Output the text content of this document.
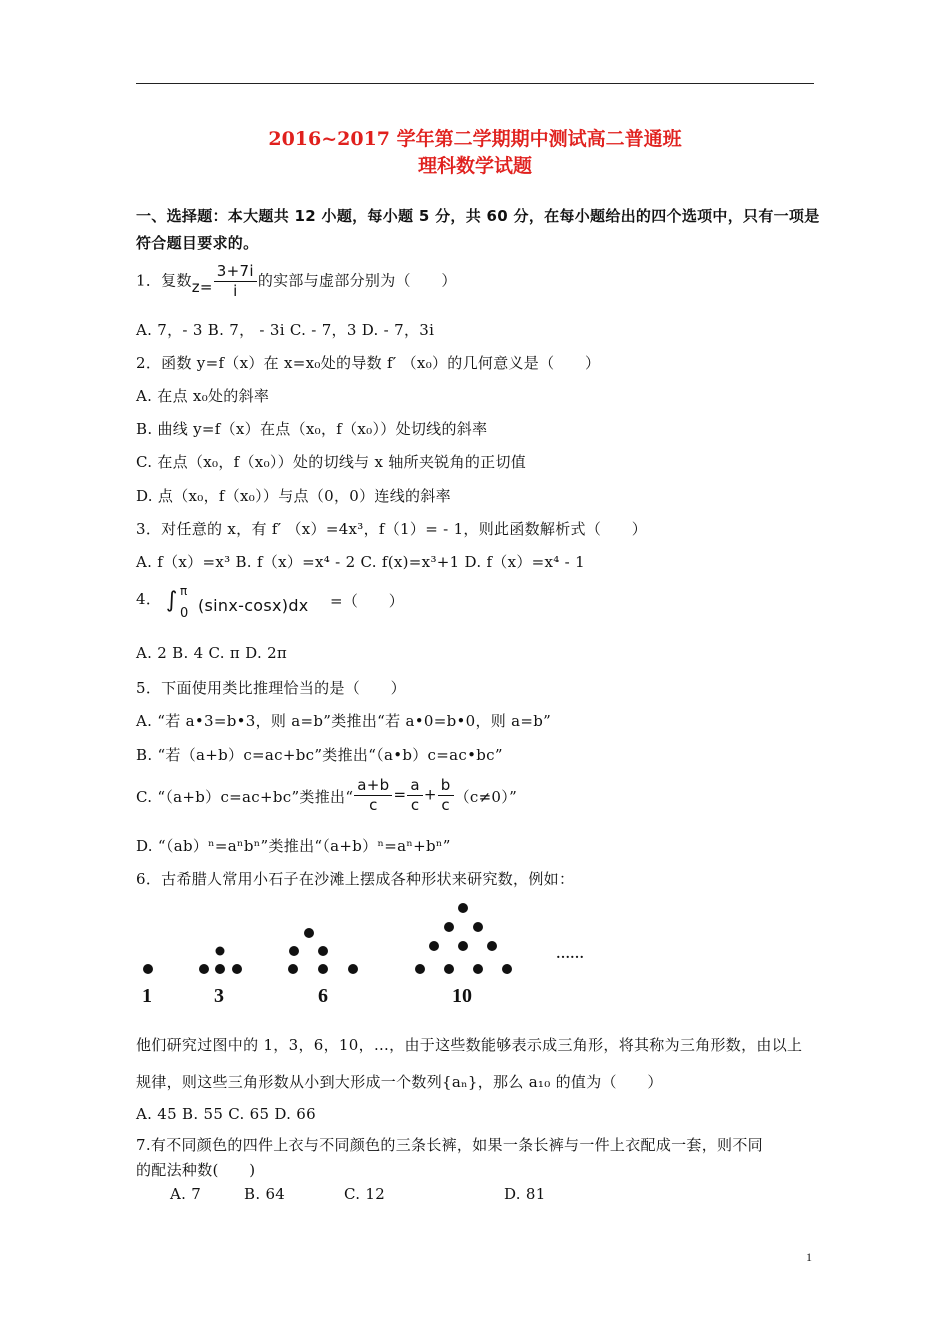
2016~2017 学年第二学期期中测试高二普通班
理科数学试题
一、选择题：本大题共 12 小题，每小题 5 分，共 60 分，在每小题给出的四个选项中，只有一项是
符合题目要求的。
1．复数$z= \frac{3+7i}{i}$ 的实部与虚部分别为（　　）
A. 7，- 3 B. 7， - 3i C. - 7，3 D. - 7，3i
2．函数 y=f（x）在 x=x₀处的导数 f′ （x₀）的几何意义是（　　）
A. 在点 x₀处的斜率
B. 曲线 y=f（x）在点（x₀，f（x₀））处切线的斜率
C. 在点（x₀，f（x₀））处的切线与 x 轴所夹锐角的正切值
D. 点（x₀，f（x₀））与点（0，0）连线的斜率
3．对任意的 x，有 f′ （x）=4x³，f（1）= - 1，则此函数解析式（　　）
A. f（x）=x³ B. f（x）=x⁴ - 2 C. f(x)=x³+1 D. f（x）=x⁴ - 1
4． ∫ π
0 (sinx-cosx)dx =（　　）
A. 2 B. 4 C. π D. 2π
5．下面使用类比推理恰当的是（　　）
A. “若 a•3=b•3，则 a=b”类推出“若 a•0=b•0，则 a=b”
B. “若（a+b）c=ac+bc”类推出“（a•b）c=ac•bc”
C. “（a+b）c=ac+bc”类推出“ $\frac{a+b}{c} = \frac{a}{c} + \frac{b}{c} (c\ne 0)$”
D. “（ab）ⁿ=aⁿbⁿ”类推出“（a+b）ⁿ=aⁿ+bⁿ”
6．古希腊人常用小石子在沙滩上摆成各种形状来研究数，例如：
1	3	6	10
……
他们研究过图中的 1，3，6，10，…，由于这些数能够表示成三角形，将其称为三角形数，由以上
规律，则这些三角形数从小到大形成一个数列{aₙ}，那么 a₁₀ 的值为（　　）
A. 45 B. 55 C. 65 D. 66
7.有不同颜色的四件上衣与不同颜色的三条长裤，如果一条长裤与一件上衣配成一套，则不同
的配法种数(　　)
A. 7	B. 64	C. 12	D. 81
1
